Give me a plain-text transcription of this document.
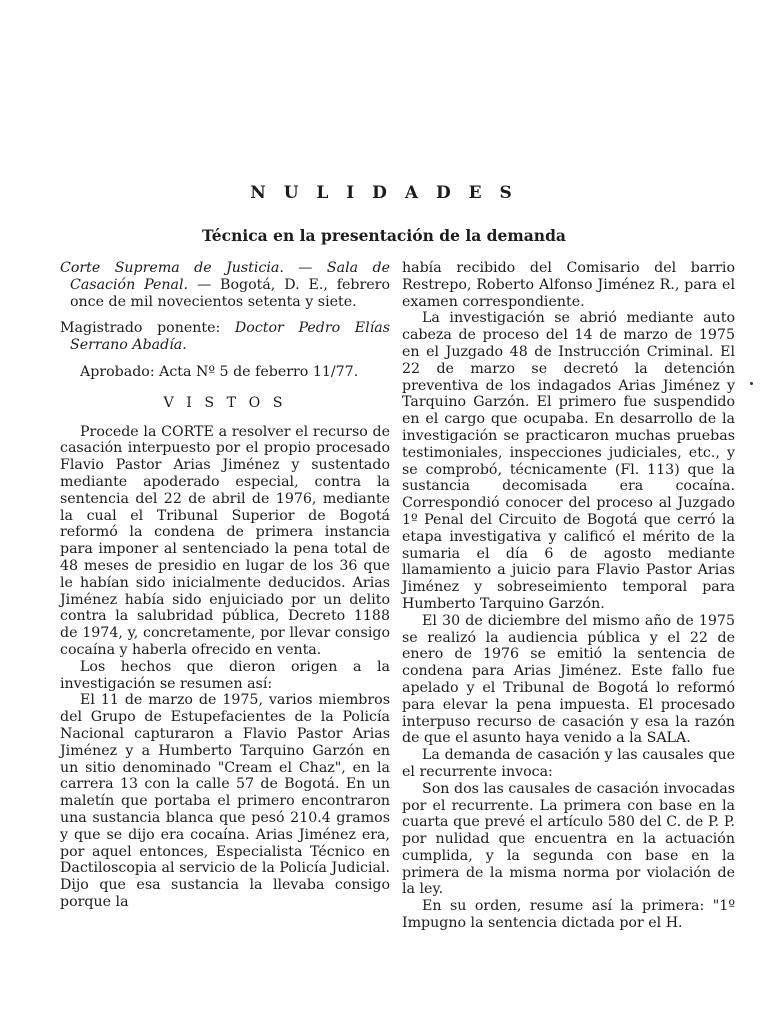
N U L I D A D E S
Técnica en la presentación de la demanda

Corte Suprema de Justicia. — Sala de Casación Penal. — Bogotá, D. E., febrero once de mil novecientos setenta y siete.

Magistrado ponente: Doctor Pedro Elías Serrano Abadía.

Aprobado: Acta Nº 5 de feberro 11/77.

V I S T O S

Procede la CORTE a resolver el recurso de casación interpuesto por el propio procesado Flavio Pastor Arias Jiménez y sustentado mediante apoderado especial, contra la sentencia del 22 de abril de 1976, mediante la cual el Tribunal Superior de Bogotá reformó la condena de primera instancia para imponer al sentenciado la pena total de 48 meses de presidio en lugar de los 36 que le habían sido inicialmente deducidos. Arias Jiménez había sido enjuiciado por un delito contra la salubridad pública, Decreto 1188 de 1974, y, concretamente, por llevar consigo cocaína y haberla ofrecido en venta.

Los hechos que dieron origen a la investigación se resumen así:

El 11 de marzo de 1975, varios miembros del Grupo de Estupefacientes de la Policía Nacional capturaron a Flavio Pastor Arias Jiménez y a Humberto Tarquino Garzón en un sitio denominado "Cream el Chaz", en la carrera 13 con la calle 57 de Bogotá. En un maletín que portaba el primero encontraron una sustancia blanca que pesó 210.4 gramos y que se dijo era cocaína. Arias Jiménez era, por aquel entonces, Especialista Técnico en Dactiloscopia al servicio de la Policía Judicial. Dijo que esa sustancia la llevaba consigo porque la

había recibido del Comisario del barrio Restrepo, Roberto Alfonso Jiménez R., para el examen correspondiente.

La investigación se abrió mediante auto cabeza de proceso del 14 de marzo de 1975 en el Juzgado 48 de Instrucción Criminal. El 22 de marzo se decretó la detención preventiva de los indagados Arias Jiménez y Tarquino Garzón. El primero fue suspendido en el cargo que ocupaba. En desarrollo de la investigación se practicaron muchas pruebas testimoniales, inspecciones judiciales, etc., y se comprobó, técnicamente (Fl. 113) que la sustancia decomisada era cocaína. Correspondió conocer del proceso al Juzgado 1º Penal del Circuito de Bogotá que cerró la etapa investigativa y calificó el mérito de la sumaria el día 6 de agosto mediante llamamiento a juicio para Flavio Pastor Arias Jiménez y sobreseimiento temporal para Humberto Tarquino Garzón.

El 30 de diciembre del mismo año de 1975 se realizó la audiencia pública y el 22 de enero de 1976 se emitió la sentencia de condena para Arias Jiménez. Este fallo fue apelado y el Tribunal de Bogotá lo reformó para elevar la pena impuesta. El procesado interpuso recurso de casación y esa la razón de que el asunto haya venido a la SALA.

La demanda de casación y las causales que el recurrente invoca:

Son dos las causales de casación invocadas por el recurrente. La primera con base en la cuarta que prevé el artículo 580 del C. de P. P. por nulidad que encuentra en la actuación cumplida, y la segunda con base en la primera de la misma norma por violación de la ley.

En su orden, resume así la primera: "1º Impugno la sentencia dictada por el H.
